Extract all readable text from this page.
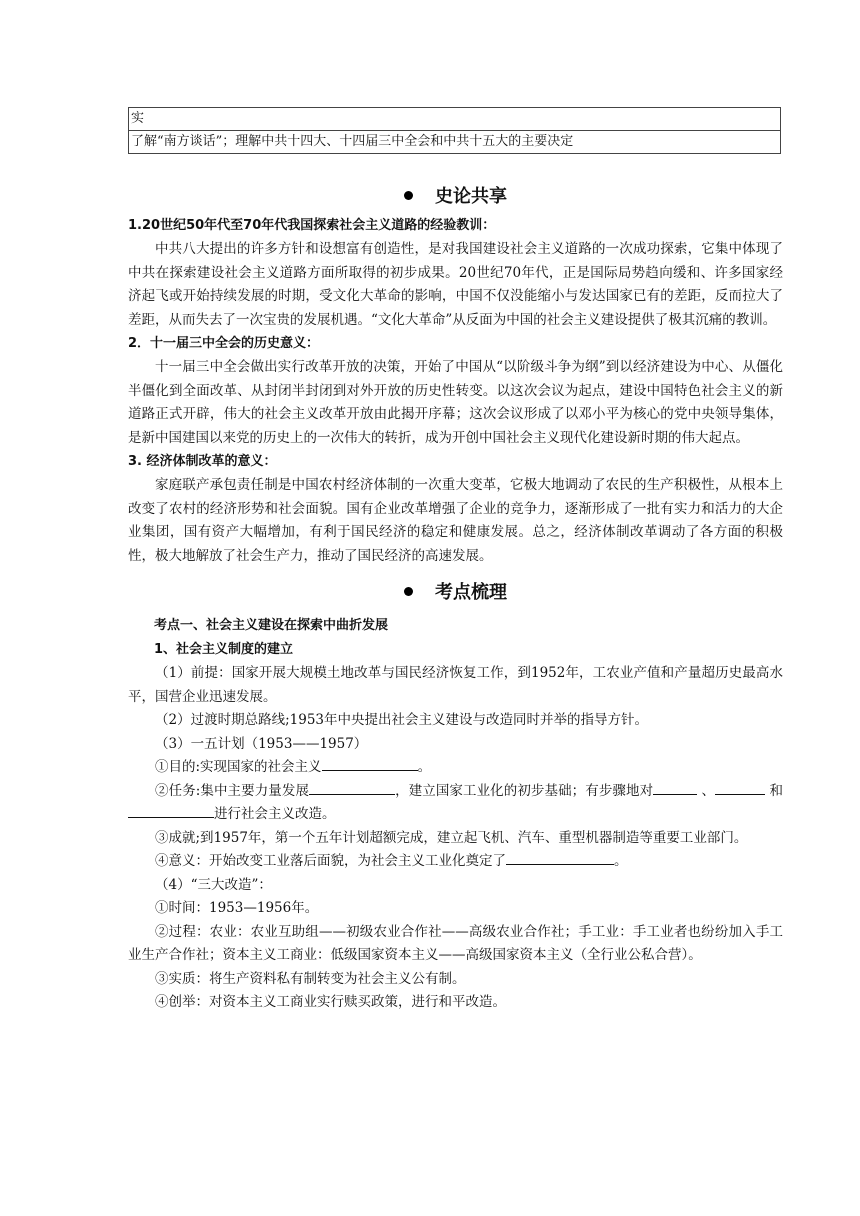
实
了解“南方谈话”；理解中共十四大、十四届三中全会和中共十五大的主要决定
史论共享

1.20世纪50年代至70年代我国探索社会主义道路的经验教训：

中共八大提出的许多方针和设想富有创造性，是对我国建设社会主义道路的一次成功探索，它集中体现了中共在探索建设社会主义道路方面所取得的初步成果。20世纪70年代，正是国际局势趋向缓和、许多国家经济起飞或开始持续发展的时期，受文化大革命的影响，中国不仅没能缩小与发达国家已有的差距，反而拉大了差距，从而失去了一次宝贵的发展机遇。“文化大革命”从反面为中国的社会主义建设提供了极其沉痛的教训。

2．十一届三中全会的历史意义：

十一届三中全会做出实行改革开放的决策，开始了中国从“以阶级斗争为纲”到以经济建设为中心、从僵化半僵化到全面改革、从封闭半封闭到对外开放的历史性转变。以这次会议为起点，建设中国特色社会主义的新道路正式开辟，伟大的社会主义改革开放由此揭开序幕；这次会议形成了以邓小平为核心的党中央领导集体，是新中国建国以来党的历史上的一次伟大的转折，成为开创中国社会主义现代化建设新时期的伟大起点。

3. 经济体制改革的意义：

家庭联产承包责任制是中国农村经济体制的一次重大变革，它极大地调动了农民的生产积极性，从根本上改变了农村的经济形势和社会面貌。国有企业改革增强了企业的竞争力，逐渐形成了一批有实力和活力的大企业集团，国有资产大幅增加，有利于国民经济的稳定和健康发展。总之，经济体制改革调动了各方面的积极性，极大地解放了社会生产力，推动了国民经济的高速发展。

考点梳理

考点一、社会主义建设在探索中曲折发展

1、社会主义制度的建立

（1）前提：国家开展大规模土地改革与国民经济恢复工作，到1952年，工农业产值和产量超历史最高水平，国营企业迅速发展。

（2）过渡时期总路线;1953年中央提出社会主义建设与改造同时并举的指导方针。

（3）一五计划（1953——1957）

①目的:实现国家的社会主义	。

②任务:集中主要力量发展	，建立国家工业化的初步基础；有步骤地对	、	和进行社会主义改造。

③成就;到1957年，第一个五年计划超额完成，建立起飞机、汽车、重型机器制造等重要工业部门。

④意义：开始改变工业落后面貌，为社会主义工业化奠定了	。

（4）“三大改造”：

①时间：1953—1956年。

②过程：农业：农业互助组——初级农业合作社——高级农业合作社；手工业：手工业者也纷纷加入手工业生产合作社；资本主义工商业：低级国家资本主义——高级国家资本主义（全行业公私合营）。

③实质：将生产资料私有制转变为社会主义公有制。

④创举：对资本主义工商业实行赎买政策，进行和平改造。
